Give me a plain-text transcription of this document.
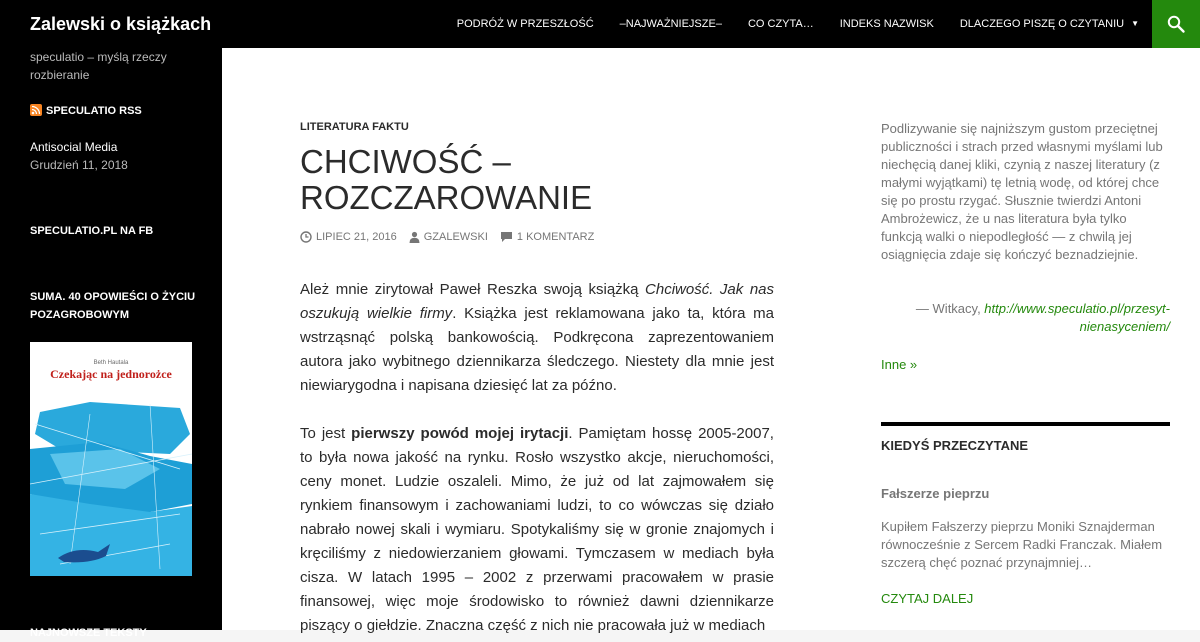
Zalewski o książkach	PODRÓŻ W PRZESZŁOŚĆ	–NAJWAŻNIEJSZE–	CO CZYTA…	INDEKS NAZWISK	DLACZEGO PISZĘ O CZYTANIU ▼
speculatio – myślą rzeczy rozbieranie
SPECULATIO RSS
Antisocial Media
Grudzień 11, 2018
SPECULATIO.PL NA FB
SUMA. 40 OPOWIEŚCI O ŻYCIU POZAGROBOWYM
Beth Hautala
Czekając na jednorożce
NAJNOWSZE TEKSTY
LITERATURA FAKTU
CHCIWOŚĆ – ROZCZAROWANIE
LIPIEC 21, 2016 GZALEWSKI	1 KOMENTARZ

Ależ mnie zirytował Paweł Reszka swoją książką Chciwość. Jak nas oszukują wielkie firmy. Książka jest reklamowana jako ta, która ma wstrząsnąć polską bankowością. Podkręcona zaprezentowaniem autora jako wybitnego dziennikarza śledczego. Niestety dla mnie jest niewiarygodna i napisana dziesięć lat za późno.

To jest pierwszy powód mojej irytacji. Pamiętam hossę 2005-2007, to była nowa jakość na rynku. Rosło wszystko akcje, nieruchomości, ceny monet. Ludzie oszaleli. Mimo, że już od lat zajmowałem się rynkiem finansowym i zachowaniami ludzi, to co wówczas się działo nabrało nowej skali i wymiaru. Spotykaliśmy się w gronie znajomych i kręciliśmy z niedowierzaniem głowami. Tymczasem w mediach była cisza. W latach 1995 – 2002 z przerwami pracowałem w prasie finansowej, więc moje środowisko to również dawni dziennikarze piszący o giełdzie. Znaczna część z nich nie pracowała już w mediach

Podlizywanie się najniższym gustom przeciętnej publiczności i strach przed własnymi myślami lub niechęcią danej kliki, czynią z naszej literatury (z małymi wyjątkami) tę letnią wodę, od której chce się po prostu rzygać. Słusznie twierdzi Antoni Ambrożewicz, że u nas literatura była tylko funkcją walki o niepodległość — z chwilą jej osiągnięcia zdaje się kończyć beznadziejnie.

— Witkacy, http://www.speculatio.pl/przesyt-nienasyceniem/
Inne »
KIEDYŚ PRZECZYTANE
Fałszerze pieprzu

Kupiłem Fałszerzy pieprzu Moniki Sznajderman równocześnie z Sercem Radki Franczak. Miałem szczerą chęć poznać przynajmniej…

CZYTAJ DALEJ
